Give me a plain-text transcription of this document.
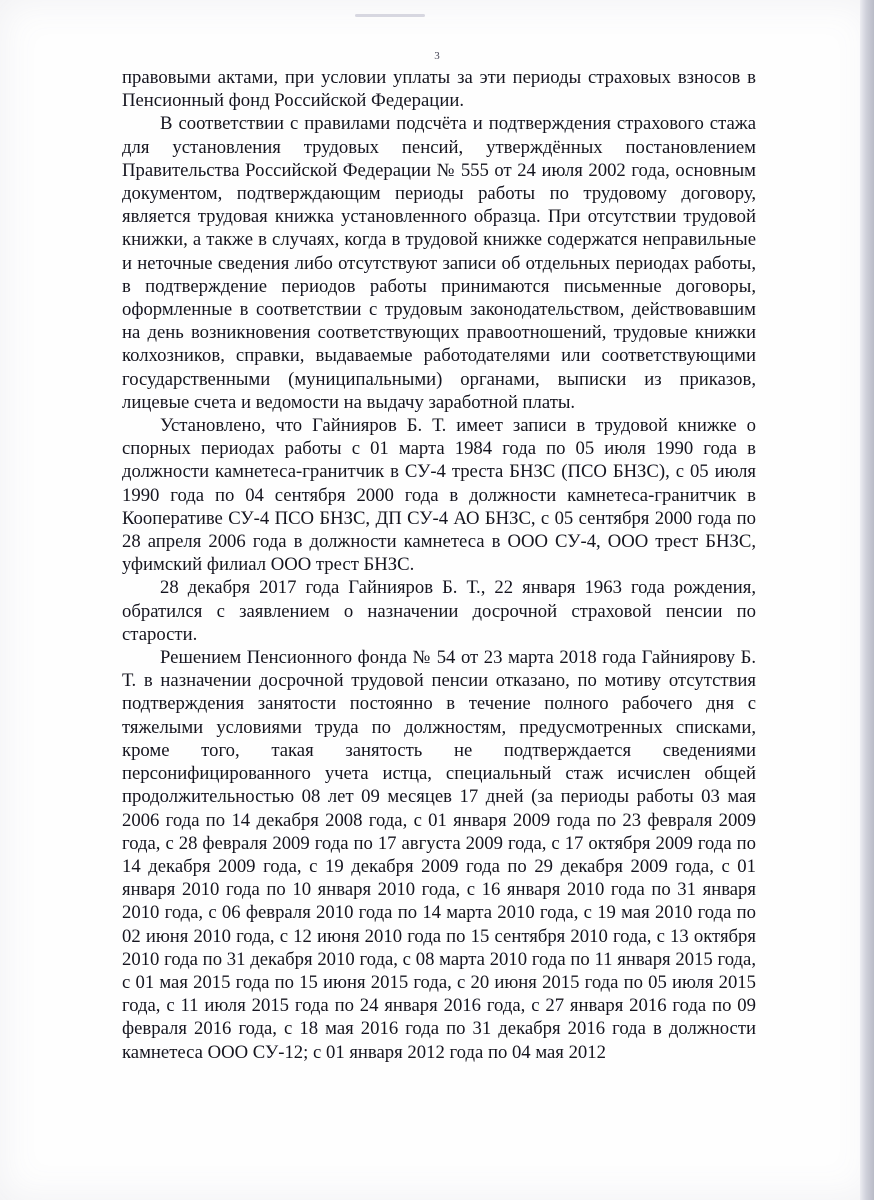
3

правовыми актами, при условии уплаты за эти периоды страховых взносов в Пенсионный фонд Российской Федерации.

В соответствии с правилами подсчёта и подтверждения страхового стажа для установления трудовых пенсий, утверждённых постановлением Правительства Российской Федерации № 555 от 24 июля 2002 года, основным документом, подтверждающим периоды работы по трудовому договору, является трудовая книжка установленного образца. При отсутствии трудовой книжки, а также в случаях, когда в трудовой книжке содержатся неправильные и неточные сведения либо отсутствуют записи об отдельных периодах работы, в подтверждение периодов работы принимаются письменные договоры, оформленные в соответствии с трудовым законодательством, действовавшим на день возникновения соответствующих правоотношений, трудовые книжки колхозников, справки, выдаваемые работодателями или соответствующими государственными (муниципальными) органами, выписки из приказов, лицевые счета и ведомости на выдачу заработной платы.

Установлено, что Гайнияров Б. Т. имеет записи в трудовой книжке о спорных периодах работы с 01 марта 1984 года по 05 июля 1990 года в должности камнетеса-гранитчик в СУ-4 треста БНЗС (ПСО БНЗС), с 05 июля 1990 года по 04 сентября 2000 года в должности камнетеса-гранитчик в Кооперативе СУ-4 ПСО БНЗС, ДП СУ-4 АО БНЗС, с 05 сентября 2000 года по 28 апреля 2006 года в должности камнетеса в ООО СУ-4, ООО трест БНЗС, уфимский филиал ООО трест БНЗС.

28 декабря 2017 года Гайнияров Б. Т., 22 января 1963 года рождения, обратился с заявлением о назначении досрочной страховой пенсии по старости.

Решением Пенсионного фонда № 54 от 23 марта 2018 года Гайниярову Б. Т. в назначении досрочной трудовой пенсии отказано, по мотиву отсутствия подтверждения занятости постоянно в течение полного рабочего дня с тяжелыми условиями труда по должностям, предусмотренных списками, кроме того, такая занятость не подтверждается сведениями персонифицированного учета истца, специальный стаж исчислен общей продолжительностью 08 лет 09 месяцев 17 дней (за периоды работы 03 мая 2006 года по 14 декабря 2008 года, с 01 января 2009 года по 23 февраля 2009 года, с 28 февраля 2009 года по 17 августа 2009 года, с 17 октября 2009 года по 14 декабря 2009 года, с 19 декабря 2009 года по 29 декабря 2009 года, с 01 января 2010 года по 10 января 2010 года, с 16 января 2010 года по 31 января 2010 года, с 06 февраля 2010 года по 14 марта 2010 года, с 19 мая 2010 года по 02 июня 2010 года, с 12 июня 2010 года по 15 сентября 2010 года, с 13 октября 2010 года по 31 декабря 2010 года, с 08 марта 2010 года по 11 января 2015 года, с 01 мая 2015 года по 15 июня 2015 года, с 20 июня 2015 года по 05 июля 2015 года, с 11 июля 2015 года по 24 января 2016 года, с 27 января 2016 года по 09 февраля 2016 года, с 18 мая 2016 года по 31 декабря 2016 года в должности камнетеса ООО СУ-12; с 01 января 2012 года по 04 мая 2012
